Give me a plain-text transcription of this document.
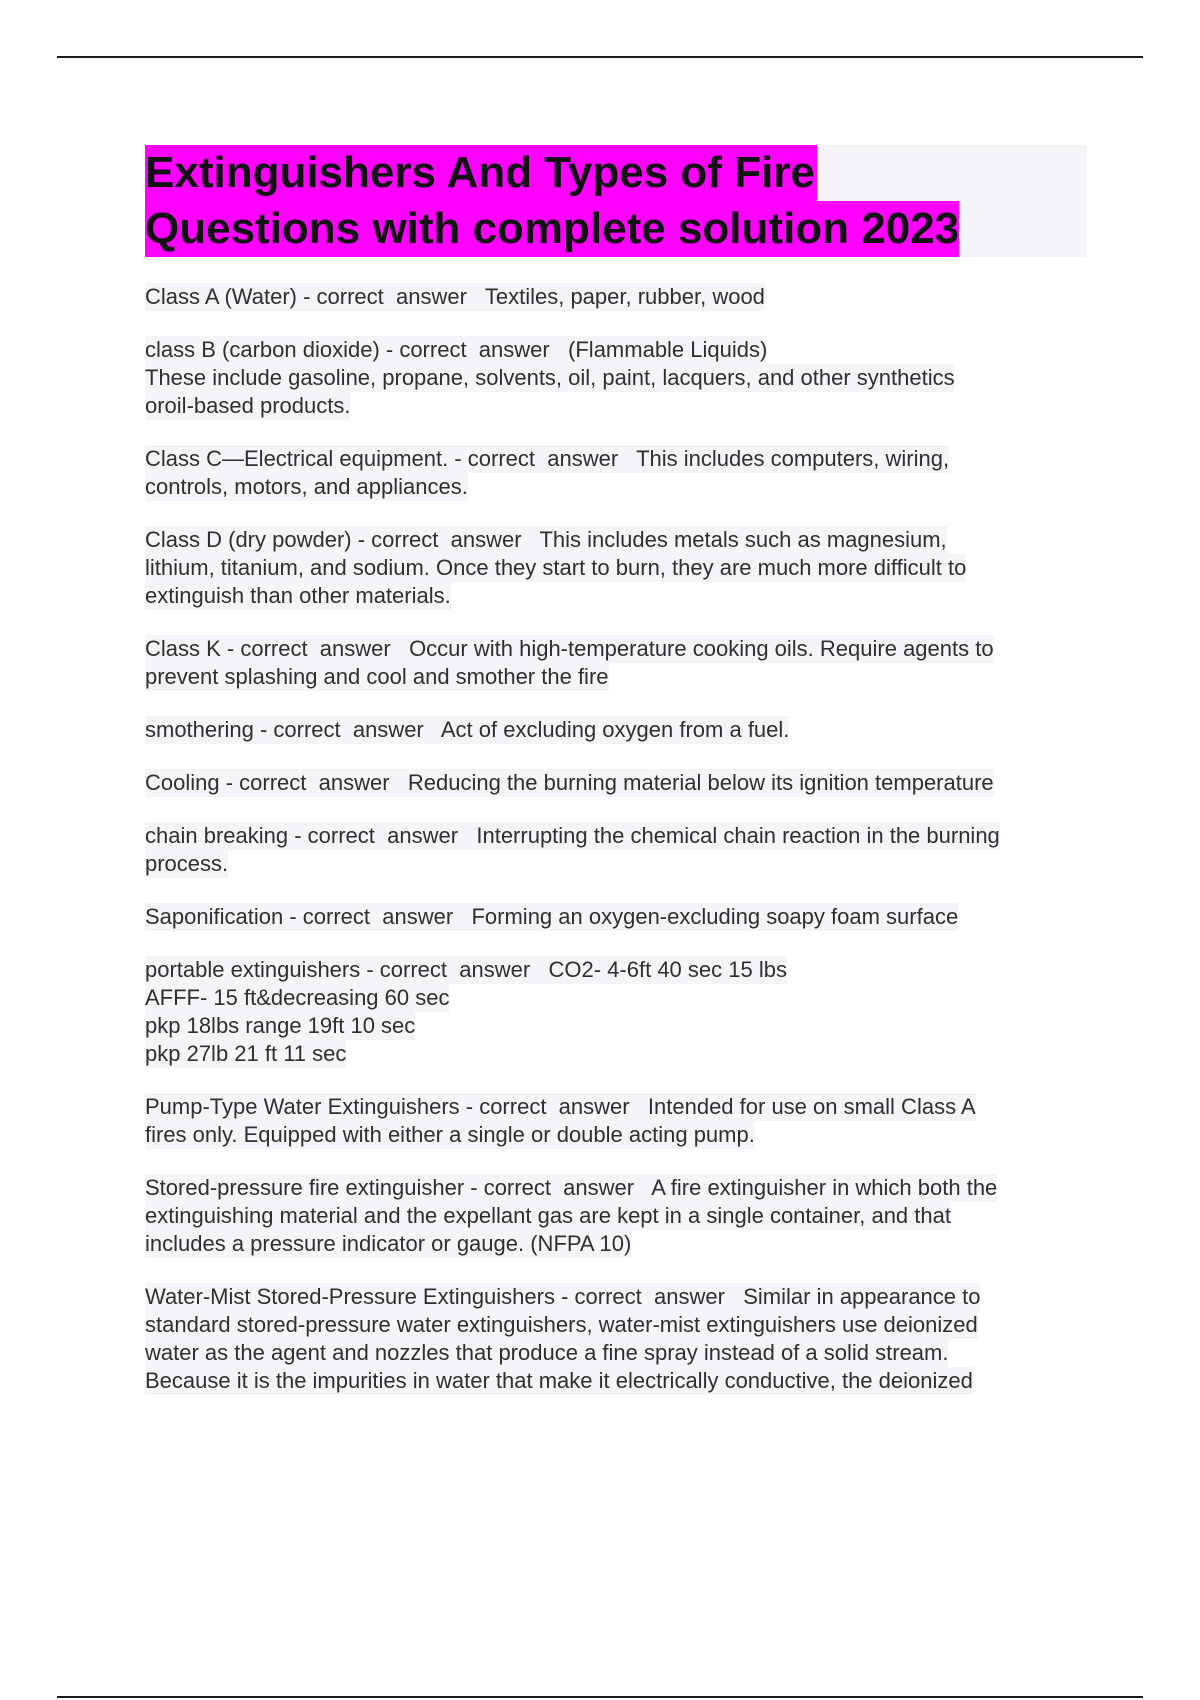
Extinguishers And Types of Fire
Questions with complete solution 2023
Class A (Water) - correct  answer   Textiles, paper, rubber, wood
class B (carbon dioxide) - correct  answer   (Flammable Liquids)
These include gasoline, propane, solvents, oil, paint, lacquers, and other synthetics
oroil-based products.
Class C—Electrical equipment. - correct  answer   This includes computers, wiring,
controls, motors, and appliances.
Class D (dry powder) - correct  answer   This includes metals such as magnesium,
lithium, titanium, and sodium. Once they start to burn, they are much more difficult to
extinguish than other materials.
Class K - correct  answer   Occur with high-temperature cooking oils. Require agents to
prevent splashing and cool and smother the fire
smothering - correct  answer   Act of excluding oxygen from a fuel.
Cooling - correct  answer   Reducing the burning material below its ignition temperature
chain breaking - correct  answer   Interrupting the chemical chain reaction in the burning
process.
Saponification - correct  answer   Forming an oxygen-excluding soapy foam surface
portable extinguishers - correct  answer   CO2- 4-6ft 40 sec 15 lbs
AFFF- 15 ft&decreasing 60 sec
pkp 18lbs range 19ft 10 sec
pkp 27lb 21 ft 11 sec
Pump-Type Water Extinguishers - correct  answer   Intended for use on small Class A
fires only. Equipped with either a single or double acting pump.
Stored-pressure fire extinguisher - correct  answer   A fire extinguisher in which both the
extinguishing material and the expellant gas are kept in a single container, and that
includes a pressure indicator or gauge. (NFPA 10)
Water-Mist Stored-Pressure Extinguishers - correct  answer   Similar in appearance to
standard stored-pressure water extinguishers, water-mist extinguishers use deionized
water as the agent and nozzles that produce a fine spray instead of a solid stream.
Because it is the impurities in water that make it electrically conductive, the deionized
